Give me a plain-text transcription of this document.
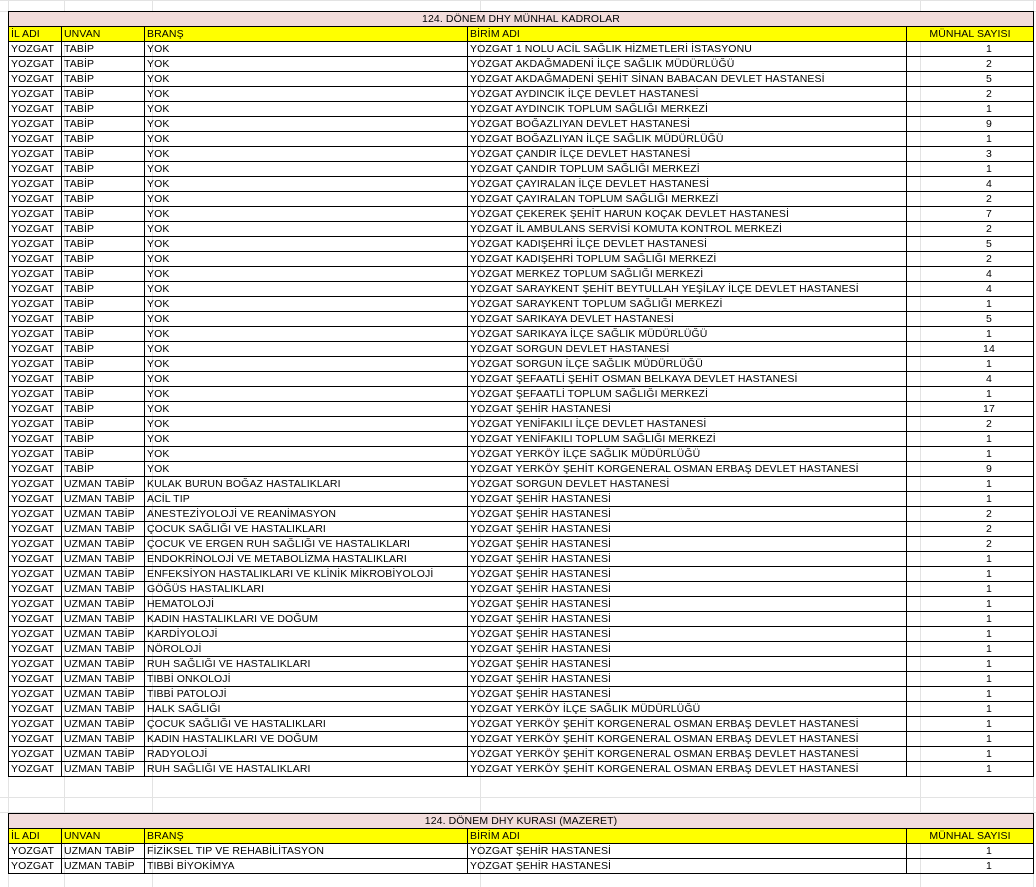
124. DÖNEM DHY MÜNHAL KADROLAR				
İL ADI	UNVAN	BRANŞ	BİRİM ADI	MÜNHAL SAYISI
YOZGAT	TABİP	YOK	YOZGAT 1 NOLU ACİL SAĞLIK HİZMETLERİ İSTASYONU	1
YOZGAT	TABİP	YOK	YOZGAT AKDAĞMADENİ İLÇE SAĞLIK MÜDÜRLÜĞÜ	2
YOZGAT	TABİP	YOK	YOZGAT AKDAĞMADENİ ŞEHİT SİNAN BABACAN DEVLET HASTANESİ	5
YOZGAT	TABİP	YOK	YOZGAT AYDINCIK İLÇE DEVLET HASTANESİ	2
YOZGAT	TABİP	YOK	YOZGAT AYDINCIK TOPLUM SAĞLIĞI MERKEZİ	1
YOZGAT	TABİP	YOK	YOZGAT BOĞAZLIYAN DEVLET HASTANESİ	9
YOZGAT	TABİP	YOK	YOZGAT BOĞAZLIYAN İLÇE SAĞLIK MÜDÜRLÜĞÜ	1
YOZGAT	TABİP	YOK	YOZGAT ÇANDIR İLÇE DEVLET HASTANESİ	3
YOZGAT	TABİP	YOK	YOZGAT ÇANDIR TOPLUM SAĞLIĞI MERKEZİ	1
YOZGAT	TABİP	YOK	YOZGAT ÇAYIRALAN İLÇE DEVLET HASTANESİ	4
YOZGAT	TABİP	YOK	YOZGAT ÇAYIRALAN TOPLUM SAĞLIĞI MERKEZİ	2
YOZGAT	TABİP	YOK	YOZGAT ÇEKEREK ŞEHİT HARUN KOÇAK DEVLET HASTANESİ	7
YOZGAT	TABİP	YOK	YOZGAT İL AMBULANS SERVİSİ KOMUTA KONTROL MERKEZİ	2
YOZGAT	TABİP	YOK	YOZGAT KADIŞEHRİ İLÇE DEVLET HASTANESİ	5
YOZGAT	TABİP	YOK	YOZGAT KADIŞEHRİ TOPLUM SAĞLIĞI MERKEZİ	2
YOZGAT	TABİP	YOK	YOZGAT MERKEZ TOPLUM SAĞLIĞI MERKEZİ	4
YOZGAT	TABİP	YOK	YOZGAT SARAYKENT ŞEHİT BEYTULLAH YEŞİLAY İLÇE DEVLET HASTANESİ	4
YOZGAT	TABİP	YOK	YOZGAT SARAYKENT TOPLUM SAĞLIĞI MERKEZİ	1
YOZGAT	TABİP	YOK	YOZGAT SARIKAYA DEVLET HASTANESİ	5
YOZGAT	TABİP	YOK	YOZGAT SARIKAYA İLÇE SAĞLIK MÜDÜRLÜĞÜ	1
YOZGAT	TABİP	YOK	YOZGAT SORGUN DEVLET HASTANESİ	14
YOZGAT	TABİP	YOK	YOZGAT SORGUN İLÇE SAĞLIK MÜDÜRLÜĞÜ	1
YOZGAT	TABİP	YOK	YOZGAT ŞEFAATLİ ŞEHİT OSMAN BELKAYA DEVLET HASTANESİ	4
YOZGAT	TABİP	YOK	YOZGAT ŞEFAATLİ TOPLUM SAĞLIĞI MERKEZİ	1
YOZGAT	TABİP	YOK	YOZGAT ŞEHİR HASTANESİ	17
YOZGAT	TABİP	YOK	YOZGAT YENİFAKILI İLÇE DEVLET HASTANESİ	2
YOZGAT	TABİP	YOK	YOZGAT YENİFAKILI TOPLUM SAĞLIĞI MERKEZİ	1
YOZGAT	TABİP	YOK	YOZGAT YERKÖY İLÇE SAĞLIK MÜDÜRLÜĞÜ	1
YOZGAT	TABİP	YOK	YOZGAT YERKÖY ŞEHİT KORGENERAL OSMAN ERBAŞ DEVLET HASTANESİ	9
YOZGAT	UZMAN TABİP	KULAK BURUN BOĞAZ HASTALIKLARI	YOZGAT SORGUN DEVLET HASTANESİ	1
YOZGAT	UZMAN TABİP	ACİL TIP	YOZGAT ŞEHİR HASTANESİ	1
YOZGAT	UZMAN TABİP	ANESTEZİYOLOJİ VE REANİMASYON	YOZGAT ŞEHİR HASTANESİ	2
YOZGAT	UZMAN TABİP	ÇOCUK SAĞLIĞI VE HASTALIKLARI	YOZGAT ŞEHİR HASTANESİ	2
YOZGAT	UZMAN TABİP	ÇOCUK VE ERGEN RUH SAĞLIĞI VE HASTALIKLARI	YOZGAT ŞEHİR HASTANESİ	2
YOZGAT	UZMAN TABİP	ENDOKRİNOLOJİ VE METABOLİZMA HASTALIKLARI	YOZGAT ŞEHİR HASTANESİ	1
YOZGAT	UZMAN TABİP	ENFEKSİYON HASTALIKLARI VE KLİNİK MİKROBİYOLOJİ	YOZGAT ŞEHİR HASTANESİ	1
YOZGAT	UZMAN TABİP	GÖĞÜS HASTALIKLARI	YOZGAT ŞEHİR HASTANESİ	1
YOZGAT	UZMAN TABİP	HEMATOLOJİ	YOZGAT ŞEHİR HASTANESİ	1
YOZGAT	UZMAN TABİP	KADIN HASTALIKLARI VE DOĞUM	YOZGAT ŞEHİR HASTANESİ	1
YOZGAT	UZMAN TABİP	KARDİYOLOJİ	YOZGAT ŞEHİR HASTANESİ	1
YOZGAT	UZMAN TABİP	NÖROLOJİ	YOZGAT ŞEHİR HASTANESİ	1
YOZGAT	UZMAN TABİP	RUH SAĞLIĞI VE HASTALIKLARI	YOZGAT ŞEHİR HASTANESİ	1
YOZGAT	UZMAN TABİP	TIBBİ ONKOLOJİ	YOZGAT ŞEHİR HASTANESİ	1
YOZGAT	UZMAN TABİP	TIBBİ PATOLOJİ	YOZGAT ŞEHİR HASTANESİ	1
YOZGAT	UZMAN TABİP	HALK SAĞLIĞI	YOZGAT YERKÖY İLÇE SAĞLIK MÜDÜRLÜĞÜ	1
YOZGAT	UZMAN TABİP	ÇOCUK SAĞLIĞI VE HASTALIKLARI	YOZGAT YERKÖY ŞEHİT KORGENERAL OSMAN ERBAŞ DEVLET HASTANESİ	1
YOZGAT	UZMAN TABİP	KADIN HASTALIKLARI VE DOĞUM	YOZGAT YERKÖY ŞEHİT KORGENERAL OSMAN ERBAŞ DEVLET HASTANESİ	1
YOZGAT	UZMAN TABİP	RADYOLOJİ	YOZGAT YERKÖY ŞEHİT KORGENERAL OSMAN ERBAŞ DEVLET HASTANESİ	1
YOZGAT	UZMAN TABİP	RUH SAĞLIĞI VE HASTALIKLARI	YOZGAT YERKÖY ŞEHİT KORGENERAL OSMAN ERBAŞ DEVLET HASTANESİ	1
124. DÖNEM DHY KURASI (MAZERET)				
İL ADI	UNVAN	BRANŞ	BİRİM ADI	MÜNHAL SAYISI
YOZGAT	UZMAN TABİP	FİZİKSEL TIP VE REHABİLİTASYON	YOZGAT ŞEHİR HASTANESİ	1
YOZGAT	UZMAN TABİP	TIBBİ BİYOKİMYA	YOZGAT ŞEHİR HASTANESİ	1
